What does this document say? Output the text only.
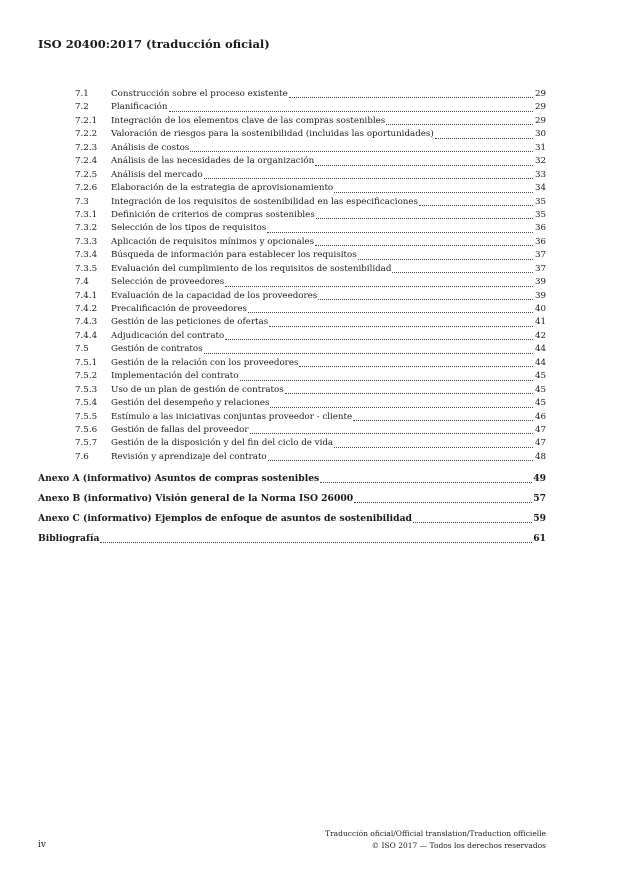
ISO 20400:2017 (traducción oficial)
7.1	Construcción sobre el proceso existente	29
7.2	Planificación	29
7.2.1	Integración de los elementos clave de las compras sostenibles	29
7.2.2	Valoración de riesgos para la sostenibilidad (incluidas las oportunidades)	30
7.2.3	Análisis de costos	31
7.2.4	Análisis de las necesidades de la organización	32
7.2.5	Análisis del mercado	33
7.2.6	Elaboración de la estrategia de aprovisionamiento	34
7.3	Integración de los requisitos de sostenibilidad en las especificaciones	35
7.3.1	Definición de criterios de compras sostenibles	35
7.3.2	Selección de los tipos de requisitos	36
7.3.3	Aplicación de requisitos mínimos y opcionales	36
7.3.4	Búsqueda de información para establecer los requisitos	37
7.3.5	Evaluación del cumplimiento de los requisitos de sostenibilidad	37
7.4	Selección de proveedores	39
7.4.1	Evaluación de la capacidad de los proveedores	39
7.4.2	Precalificación de proveedores	40
7.4.3	Gestión de las peticiones de ofertas	41
7.4.4	Adjudicación del contrato	42
7.5	Gestión de contratos	44
7.5.1	Gestión de la relación con los proveedores	44
7.5.2	Implementación del contrato	45
7.5.3	Uso de un plan de gestión de contratos	45
7.5.4	Gestión del desempeño y relaciones	45
7.5.5	Estímulo a las iniciativas conjuntas proveedor - cliente	46
7.5.6	Gestión de fallas del proveedor	47
7.5.7	Gestión de la disposición y del fin del ciclo de vida	47
7.6	Revisión y aprendizaje del contrato	48
Anexo A (informativo) Asuntos de compras sostenibles	49
Anexo B (informativo) Visión general de la Norma ISO 26000	57
Anexo C (informativo) Ejemplos de enfoque de asuntos de sostenibilidad	59
Bibliografía	61
iv
Traducción oficial/Official translation/Traduction officielle
© ISO 2017 — Todos los derechos reservados
